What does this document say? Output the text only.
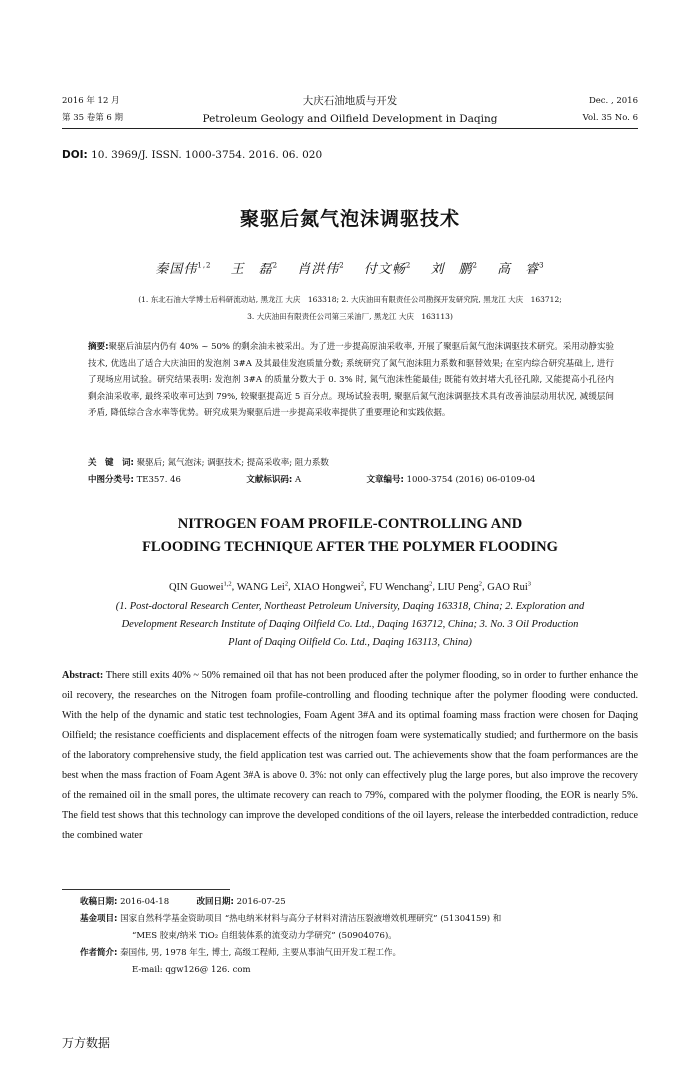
2016 年 12 月
第 35 卷第 6 期
大庆石油地质与开发
Petroleum Geology and Oilfield Development in Daqing
Dec. , 2016
Vol. 35 No. 6
DOI: 10. 3969/J. ISSN. 1000-3754. 2016. 06. 020
聚驱后氮气泡沫调驱技术
秦国伟$^{1,2}$ 王　磊$^2$ 肖洪伟$^2$ 付文畅$^2$ 刘　鹏$^2$ 高　睿$^3$
(1. 东北石油大学博士后科研流动站, 黑龙江 大庆　163318; 2. 大庆油田有限责任公司勘探开发研究院, 黑龙江 大庆　163712;
3. 大庆油田有限责任公司第三采油厂, 黑龙江 大庆　163113)
摘要:聚驱后油层内仍有 40% ~ 50% 的剩余油未被采出。为了进一步提高原油采收率, 开展了聚驱后氮气泡沫调驱技术研究。采用动静实验技术, 优选出了适合大庆油田的发泡剂 3#A 及其最佳发泡质量分数; 系统研究了氮气泡沫阻力系数和驱替效果; 在室内综合研究基础上, 进行了现场应用试验。研究结果表明: 发泡剂 3#A 的质量分数大于 0. 3% 时, 氮气泡沫性能最佳; 既能有效封堵大孔径孔隙, 又能提高小孔径内剩余油采收率, 最终采收率可达到 79%, 较聚驱提高近 5 百分点。现场试验表明, 聚驱后氮气泡沫调驱技术具有改善油层动用状况, 减缓层间矛盾, 降低综合含水率等优势。研究成果为聚驱后进一步提高采收率提供了重要理论和实践依据。
关　键　词: 聚驱后; 氮气泡沫; 调驱技术; 提高采收率; 阻力系数
中图分类号: TE357. 46	文献标识码: A	文章编号: 1000-3754 (2016) 06-0109-04
NITROGEN FOAM PROFILE-CONTROLLING AND
FLOODING TECHNIQUE AFTER THE POLYMER FLOODING
QIN Guowei$^{1,2}$, WANG Lei$^2$, XIAO Hongwei$^2$, FU Wenchang$^2$, LIU Peng$^2$, GAO Rui$^3$
(1. Post-doctoral Research Center, Northeast Petroleum University, Daqing 163318, China; 2. Exploration and
Development Research Institute of Daqing Oilfield Co. Ltd., Daqing 163712, China; 3. No. 3 Oil Production
Plant of Daqing Oilfield Co. Ltd., Daqing 163113, China)
Abstract: There still exits 40% ~ 50% remained oil that has not been produced after the polymer flooding, so in order to further enhance the oil recovery, the researches on the Nitrogen foam profile-controlling and flooding technique after the polymer flooding were conducted. With the help of the dynamic and static test technologies, Foam Agent 3#A and its optimal foaming mass fraction were chosen for Daqing Oilfield; the resistance coefficients and displacement effects of the nitrogen foam were systematically studied; and furthermore on the basis of the laboratory comprehensive study, the field application test was carried out. The achievements show that the foam performances are the best when the mass fraction of Foam Agent 3#A is above 0. 3%: not only can effectively plug the large pores, but also improve the recovery of the remained oil in the small pores, the ultimate recovery can reach to 79%, compared with the polymer flooding, the EOR is nearly 5%. The field test shows that this technology can improve the developed conditions of the oil layers, release the interbedded contradiction, reduce the combined water
收稿日期: 2016-04-18	改回日期: 2016-07-25
基金项目: 国家自然科学基金资助项目 “热电纳米材料与高分子材料对清洁压裂液增效机理研究” (51304159) 和
“MES 胶束/纳米 TiO₂ 自组装体系的流变动力学研究” (50904076)。
作者简介: 秦国伟, 男, 1978 年生, 博士, 高级工程师, 主要从事油气田开发工程工作。
E-mail: qgw126@ 126. com
万方数据
